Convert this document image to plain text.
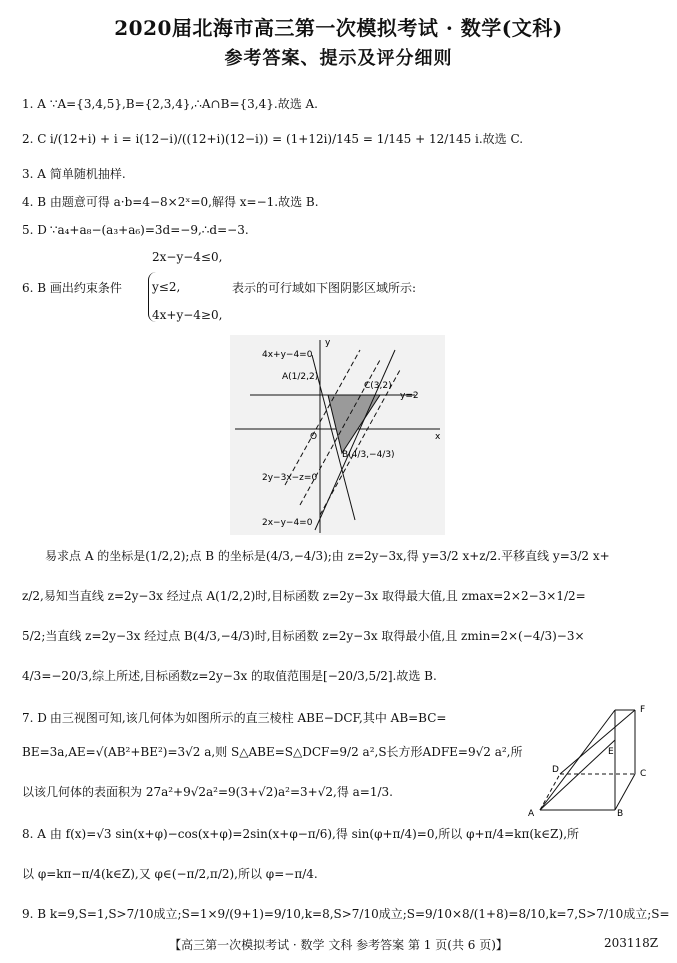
2020届北海市高三第一次模拟考试 · 数学(文科)
参考答案、提示及评分细则
1. A ∵A={3,4,5},B={2,3,4},∴A∩B={3,4}.故选 A.
2. C i/(12+i) + i = i(12−i)/((12+i)(12−i)) = (1+12i)/145 = 1/145 + 12/145 i.故选 C.
3. A 简单随机抽样.
4. B 由题意可得 a·b=4−8×2ˣ=0,解得 x=−1.故选 B.
5. D ∵a₄+a₈−(a₃+a₆)=3d=−9,∴d=−3.
6. B 画出约束条件
2x−y−4≤0,
y≤2,
4x+y−4≥0,
表示的可行域如下图阴影区域所示:
4x+y−4=0
A(1/2,2)
C(3,2)
y=2
B(4/3,−4/3)
2y−3x−z=0
2x−y−4=0
x
y
O
易求点 A 的坐标是(1/2,2);点 B 的坐标是(4/3,−4/3);由 z=2y−3x,得 y=3/2 x+z/2.平移直线 y=3/2 x+
z/2,易知当直线 z=2y−3x 经过点 A(1/2,2)时,目标函数 z=2y−3x 取得最大值,且 zmax=2×2−3×1/2=
5/2;当直线 z=2y−3x 经过点 B(4/3,−4/3)时,目标函数 z=2y−3x 取得最小值,且 zmin=2×(−4/3)−3×
4/3=−20/3,综上所述,目标函数z=2y−3x 的取值范围是[−20/3,5/2].故选 B.
7. D 由三视图可知,该几何体为如图所示的直三棱柱 ABE−DCF,其中 AB=BC=
BE=3a,AE=√(AB²+BE²)=3√2 a,则 S△ABE=S△DCF=9/2 a²,S长方形ADFE=9√2 a²,所
以该几何体的表面积为 27a²+9√2a²=9(3+√2)a²=3+√2,得 a=1/3.
A	B
C
D
E
F
8. A 由 f(x)=√3 sin(x+φ)−cos(x+φ)=2sin(x+φ−π/6),得 sin(φ+π/4)=0,所以 φ+π/4=kπ(k∈Z),所
以 φ=kπ−π/4(k∈Z),又 φ∈(−π/2,π/2),所以 φ=−π/4.
9. B k=9,S=1,S>7/10成立;S=1×9/(9+1)=9/10,k=8,S>7/10成立;S=9/10×8/(1+8)=8/10,k=7,S>7/10成立;S=
【高三第一次模拟考试 · 数学 文科 参考答案 第 1 页(共 6 页)】	203118Z
